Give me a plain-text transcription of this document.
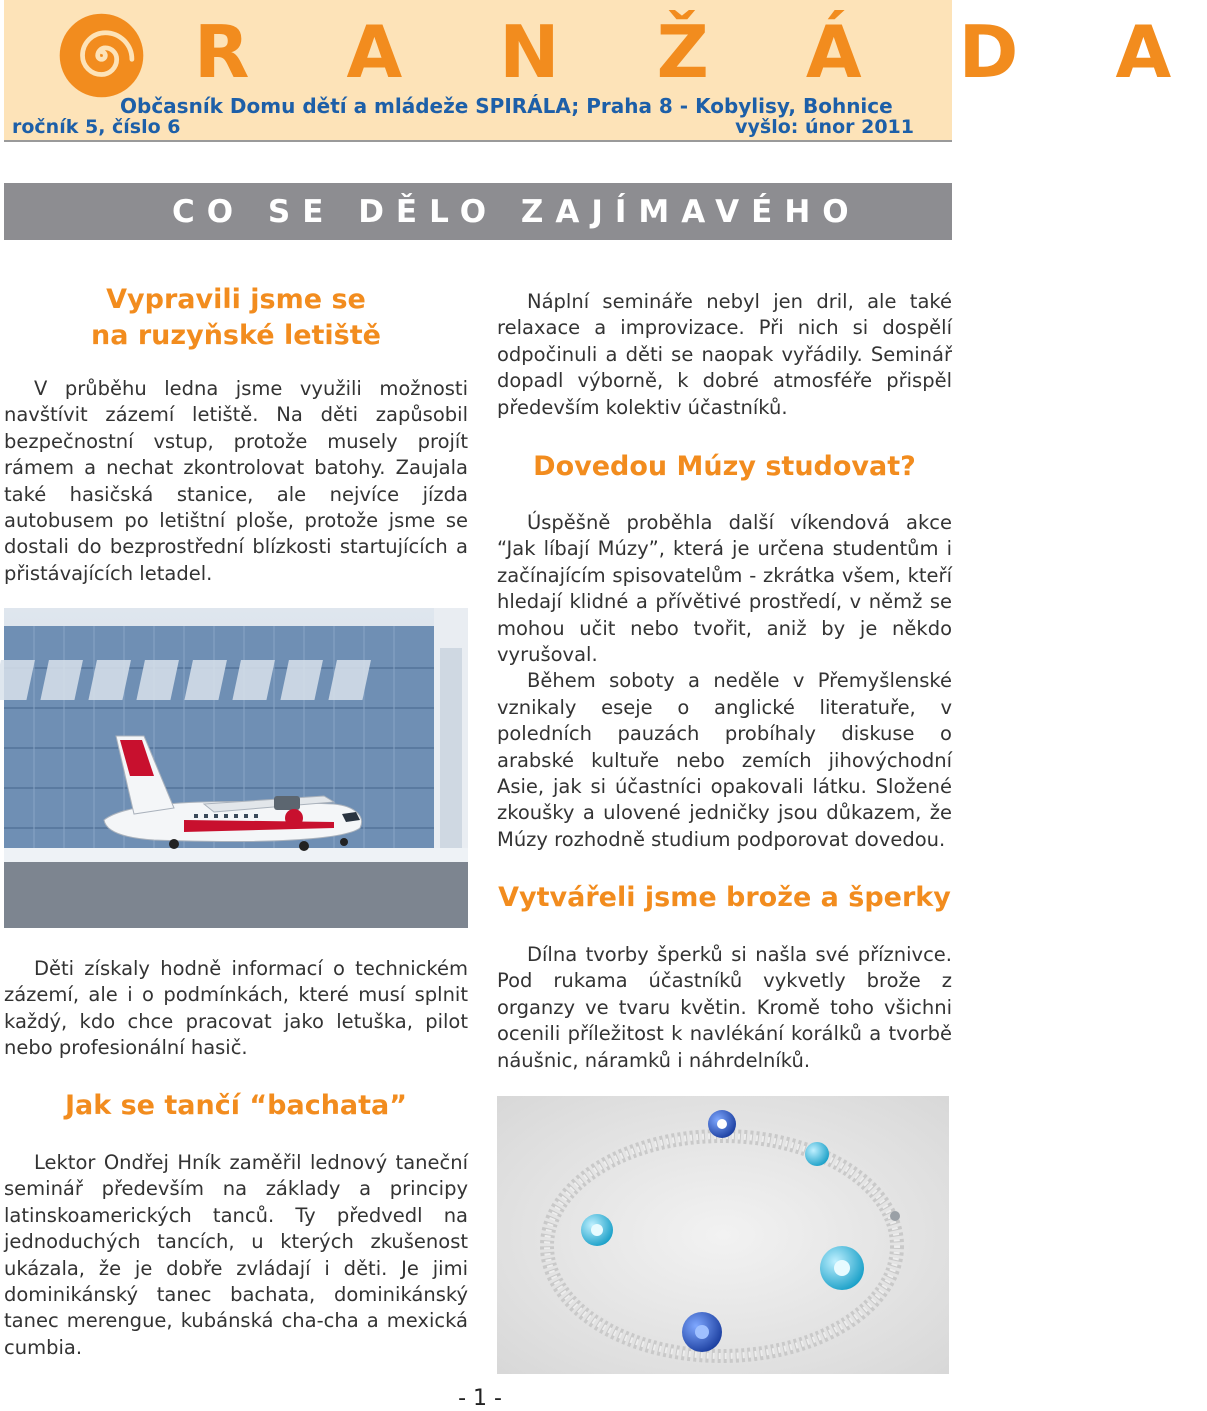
R A N Ž Á D A
Občasník Domu dětí a mládeže SPIRÁLA; Praha 8 - Kobylisy, Bohnice
ročník 5, číslo 6	vyšlo: únor 2011
CO SE DĚLO ZAJÍMAVÉHO
Vypravili jsme se
na ruzyňské letiště

V průběhu ledna jsme využili možnosti navštívit zázemí letiště. Na děti zapůsobil bezpečnostní vstup, protože musely projít rámem a nechat zkontrolovat batohy. Zaujala také hasičská stanice, ale nejvíce jízda autobusem po letištní ploše, protože jsme se dostali do bezprostřední blízkosti startujících a přistávajících letadel.

Děti získaly hodně informací o technickém zázemí, ale i o podmínkách, které musí splnit každý, kdo chce pracovat jako letuška, pilot nebo profesionální hasič.

Jak se tančí “bachata”

Lektor Ondřej Hník zaměřil lednový taneční seminář především na základy a principy latinskoamerických tanců. Ty předvedl na jednoduchých tancích, u kterých zkušenost ukázala, že je dobře zvládají i děti. Je jimi dominikánský tanec bachata, dominikánský tanec merengue, kubánská cha-cha a mexická cumbia.

Náplní semináře nebyl jen dril, ale také relaxace a improvizace. Při nich si dospělí odpočinuli a děti se naopak vyřádily. Seminář dopadl výborně, k dobré atmosféře přispěl především kolektiv účastníků.

Dovedou Múzy studovat?

Úspěšně proběhla další víkendová akce “Jak líbají Múzy”, která je určena studentům i začínajícím spisovatelům - zkrátka všem, kteří hledají klidné a přívětivé prostředí, v němž se mohou učit nebo tvořit, aniž by je někdo vyrušoval.

Během soboty a neděle v Přemyšlenské vznikaly eseje o anglické literatuře, v poledních pauzách probíhaly diskuse o arabské kultuře nebo zemích jihovýchodní Asie, jak si účastníci opakovali látku. Složené zkoušky a ulovené jedničky jsou důkazem, že Múzy rozhodně studium podporovat dovedou.

Vytvářeli jsme brože a šperky

Dílna tvorby šperků si našla své příznivce. Pod rukama účastníků vykvetly brože z organzy ve tvaru květin. Kromě toho všichni ocenili příležitost k navlékání korálků a tvorbě náušnic, náramků i náhrdelníků.

- 1 -
